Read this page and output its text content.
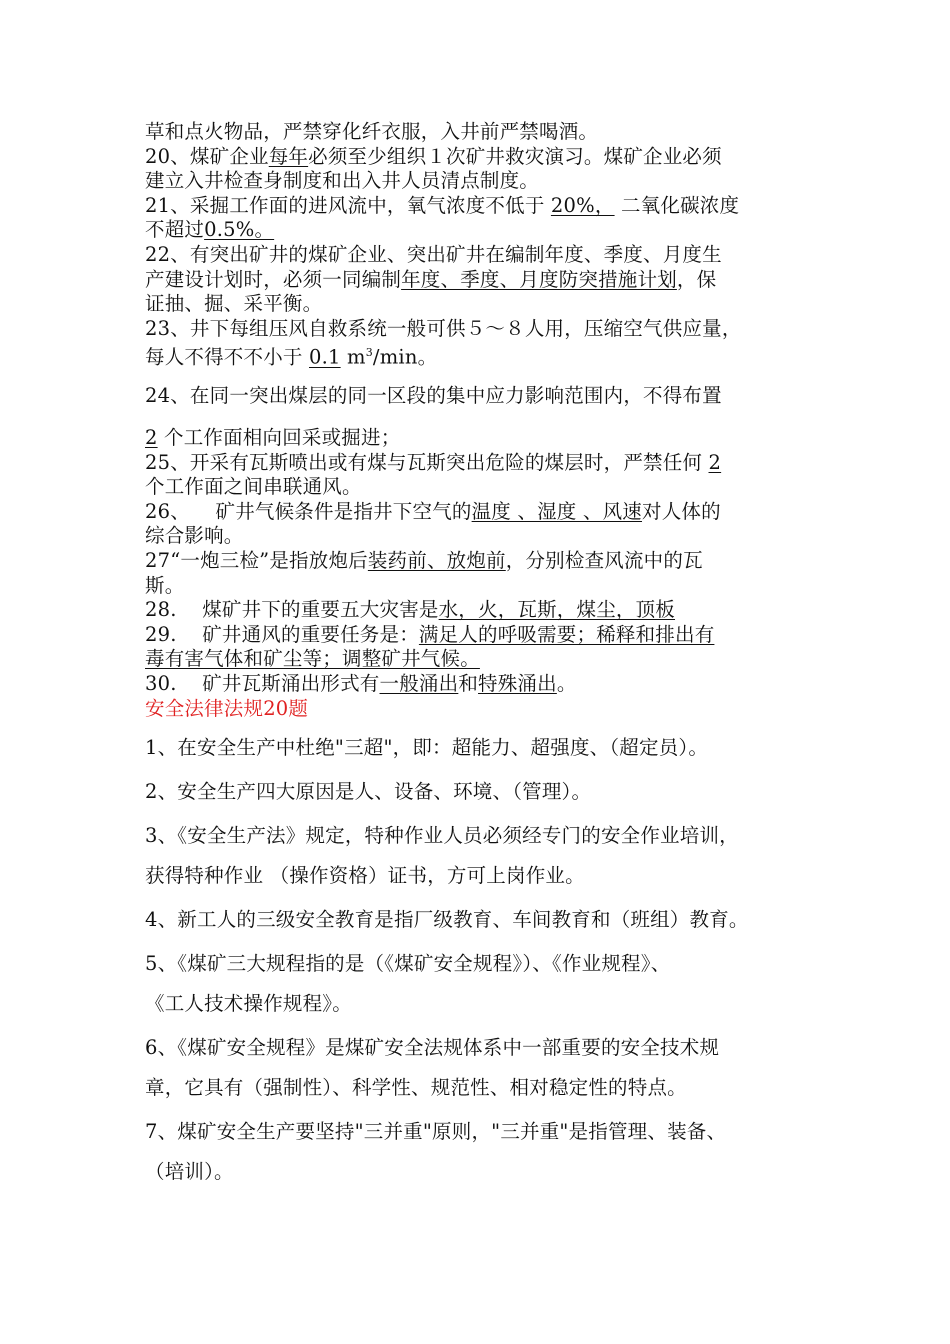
草和点火物品，严禁穿化纤衣服，入井前严禁喝酒。
20、煤矿企业每年必须至少组织１次矿井救灾演习。煤矿企业必须
建立入井检查身制度和出入井人员清点制度。
21、采掘工作面的进风流中，氧气浓度不低于 20%， 二氧化碳浓度
不超过0.5%。
22、有突出矿井的煤矿企业、突出矿井在编制年度、季度、月度生
产建设计划时，必须一同编制年度、季度、月度防突措施计划，保
证抽、掘、采平衡。
23、井下每组压风自救系统一般可供５～８人用，压缩空气供应量，
每人不得不不小于 0.1 $m^3/\min$。
24、在同一突出煤层的同一区段的集中应力影响范围内，不得布置
2 个工作面相向回采或掘进；
25、开采有瓦斯喷出或有煤与瓦斯突出危险的煤层时，严禁任何 2
个工作面之间串联通风。
26、    矿井气候条件是指井下空气的温度 、湿度 、风速对人体的
综合影响。
27“一炮三检”是指放炮后装药前、放炮前，分别检查风流中的瓦
斯。
28.    煤矿井下的重要五大灾害是水，火，瓦斯，煤尘，顶板
29.    矿井通风的重要任务是：满足人的呼吸需要；稀释和排出有
毒有害气体和矿尘等；调整矿井气候。
30.    矿井瓦斯涌出形式有一般涌出和特殊涌出。
安全法律法规20题
1、在安全生产中杜绝"三超"，即：超能力、超强度、（超定员）。
2、安全生产四大原因是人、设备、环境、（管理）。
3、《安全生产法》规定，特种作业人员必须经专门的安全作业培训，
获得特种作业 （操作资格）证书，方可上岗作业。
4、新工人的三级安全教育是指厂级教育、车间教育和（班组）教育。
5、《煤矿三大规程指的是（《煤矿安全规程》）、《作业规程》、
《工人技术操作规程》。
6、《煤矿安全规程》是煤矿安全法规体系中一部重要的安全技术规
章，它具有（强制性）、科学性、规范性、相对稳定性的特点。
7、煤矿安全生产要坚持"三并重"原则，"三并重"是指管理、装备、
（培训）。
